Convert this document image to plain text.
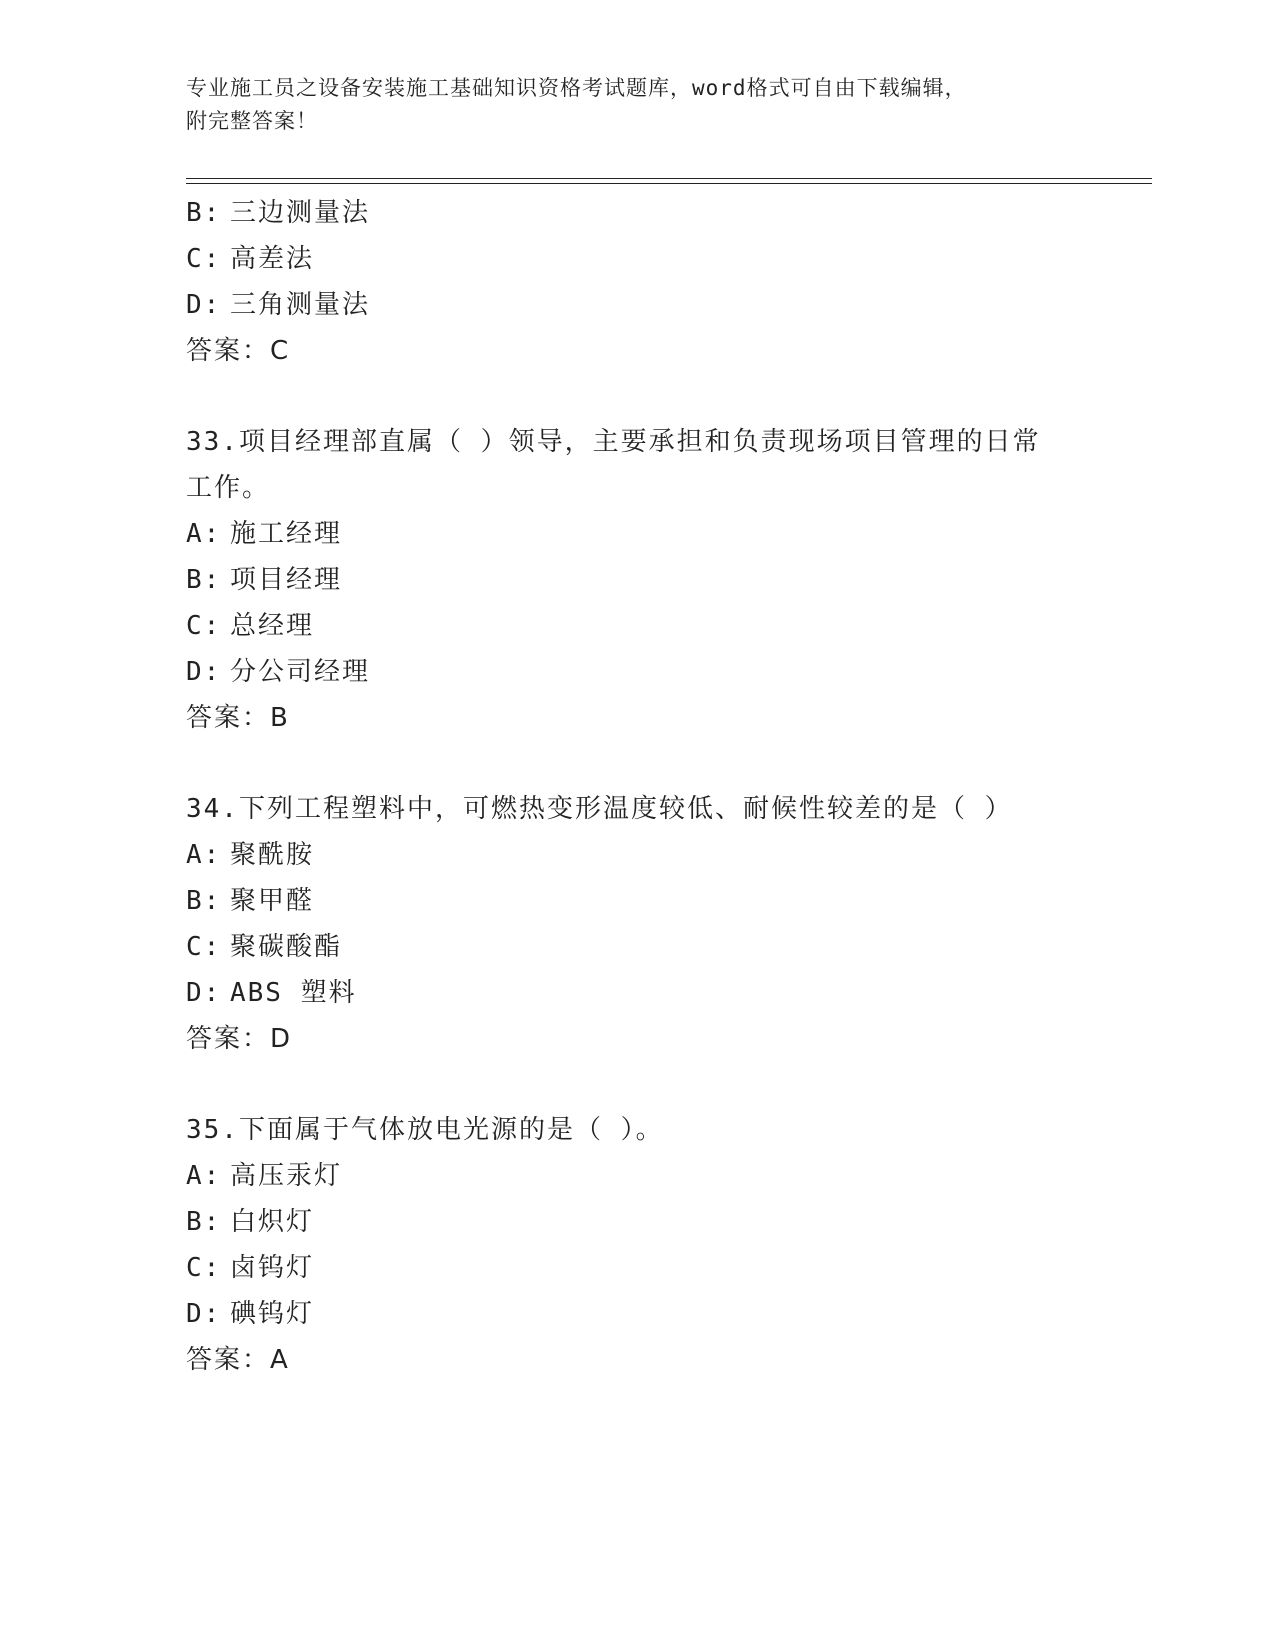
专业施工员之设备安装施工基础知识资格考试题库，word格式可自由下载编辑，
附完整答案！
B: 三边测量法
C: 高差法
D: 三角测量法
答案：C
33.项目经理部直属（ ）领导，主要承担和负责现场项目管理的日常
工作。
A: 施工经理
B: 项目经理
C: 总经理
D: 分公司经理
答案：B
34.下列工程塑料中，可燃热变形温度较低、耐候性较差的是（ ）
A: 聚酰胺
B: 聚甲醛
C: 聚碳酸酯
D: ABS 塑料
答案：D
35.下面属于气体放电光源的是（ ）。
A: 高压汞灯
B: 白炽灯
C: 卤钨灯
D: 碘钨灯
答案：A
